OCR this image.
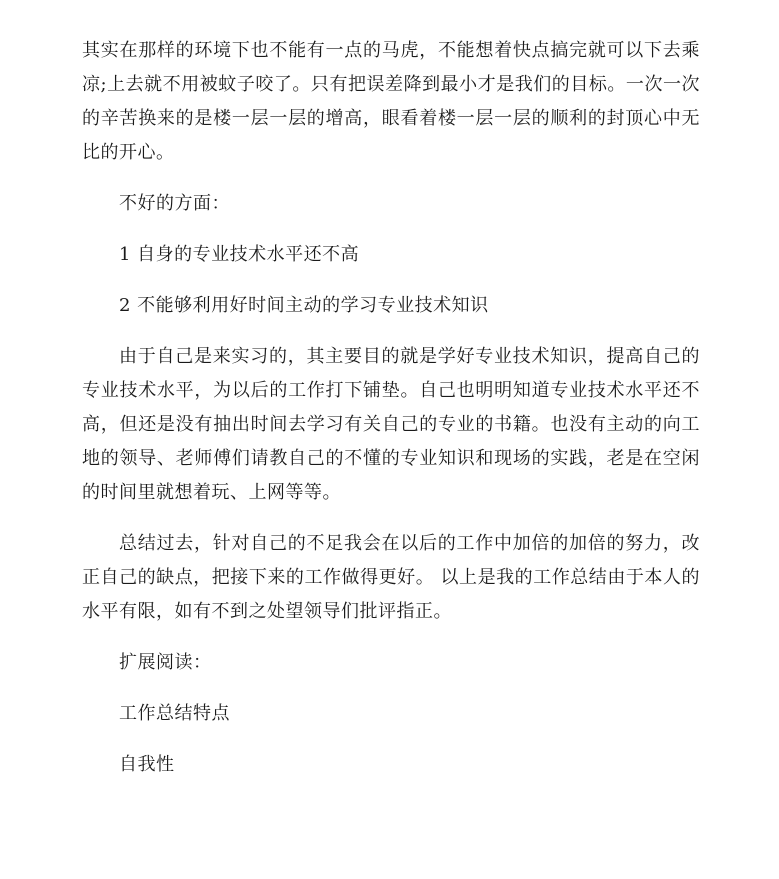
其实在那样的环境下也不能有一点的马虎，不能想着快点搞完就可以下去乘凉;上去就不用被蚊子咬了。只有把误差降到最小才是我们的目标。一次一次的辛苦换来的是楼一层一层的增高，眼看着楼一层一层的顺利的封顶心中无比的开心。

不好的方面：

1 自身的专业技术水平还不高

2 不能够利用好时间主动的学习专业技术知识

由于自己是来实习的，其主要目的就是学好专业技术知识，提高自己的专业技术水平，为以后的工作打下铺垫。自己也明明知道专业技术水平还不高，但还是没有抽出时间去学习有关自己的专业的书籍。也没有主动的向工地的领导、老师傅们请教自己的不懂的专业知识和现场的实践，老是在空闲的时间里就想着玩、上网等等。

总结过去，针对自己的不足我会在以后的工作中加倍的加倍的努力，改正自己的缺点，把接下来的工作做得更好。 以上是我的工作总结由于本人的水平有限，如有不到之处望领导们批评指正。

扩展阅读：

工作总结特点

自我性
